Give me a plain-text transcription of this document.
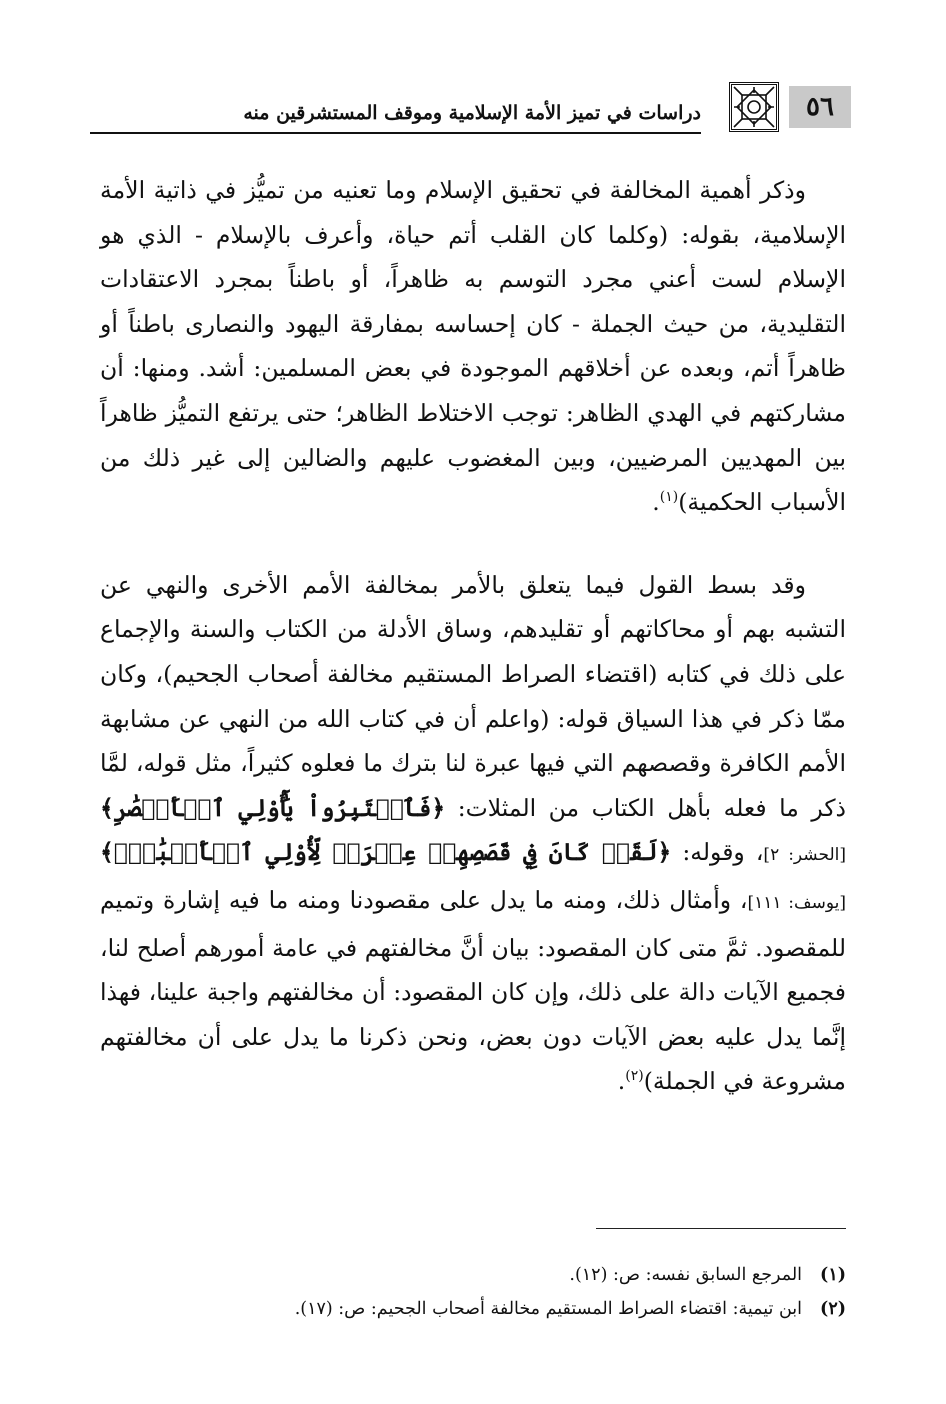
٥٦
دراسات في تميز الأمة الإسلامية وموقف المستشرقين منه

وذكر أهمية المخالفة في تحقيق الإسلام وما تعنيه من تميُّز في ذاتية الأمة الإسلامية، بقوله: (وكلما كان القلب أتم حياة، وأعرف بالإسلام - الذي هو الإسلام لست أعني مجرد التوسم به ظاهراً، أو باطناً بمجرد الاعتقادات التقليدية، من حيث الجملة - كان إحساسه بمفارقة اليهود والنصارى باطناً أو ظاهراً أتم، وبعده عن أخلاقهم الموجودة في بعض المسلمين: أشد. ومنها: أن مشاركتهم في الهدي الظاهر: توجب الاختلاط الظاهر؛ حتى يرتفع التميُّز ظاهراً بين المهديين المرضيين، وبين المغضوب عليهم والضالين إلى غير ذلك من الأسباب الحكمية)$^{(١)}$.

وقد بسط القول فيما يتعلق بالأمر بمخالفة الأمم الأخرى والنهي عن التشبه بهم أو محاكاتهم أو تقليدهم، وساق الأدلة من الكتاب والسنة والإجماع على ذلك في كتابه (اقتضاء الصراط المستقيم مخالفة أصحاب الجحيم)، وكان ممّا ذكر في هذا السياق قوله: (واعلم أن في كتاب الله من النهي عن مشابهة الأمم الكافرة وقصصهم التي فيها عبرة لنا بترك ما فعلوه كثيراً، مثل قوله، لمَّا ذكر ما فعله بأهل الكتاب من المثلات: ﴿فَٱعۡتَبِرُواْ يَٰٓأُوْلِي ٱلۡأَبۡصَٰرِ﴾ [الحشر: ٢]، وقوله: ﴿لَقَدۡ كَانَ فِي قَصَصِهِمۡ عِبۡرَةٞ لِّأُوْلِي ٱلۡأَلۡبَٰبِۗ﴾ [يوسف: ١١١]، وأمثال ذلك، ومنه ما يدل على مقصودنا ومنه ما فيه إشارة وتميم للمقصود. ثمَّ متى كان المقصود: بيان أنَّ مخالفتهم في عامة أمورهم أصلح لنا، فجميع الآيات دالة على ذلك، وإن كان المقصود: أن مخالفتهم واجبة علينا، فهذا إنَّما يدل عليه بعض الآيات دون بعض، ونحن ذكرنا ما يدل على أن مخالفتهم مشروعة في الجملة)$^{(٢)}$.

(١)
المرجع السابق نفسه: ص: (١٢).
(٢)
ابن تيمية: اقتضاء الصراط المستقيم مخالفة أصحاب الجحيم: ص: (١٧).
